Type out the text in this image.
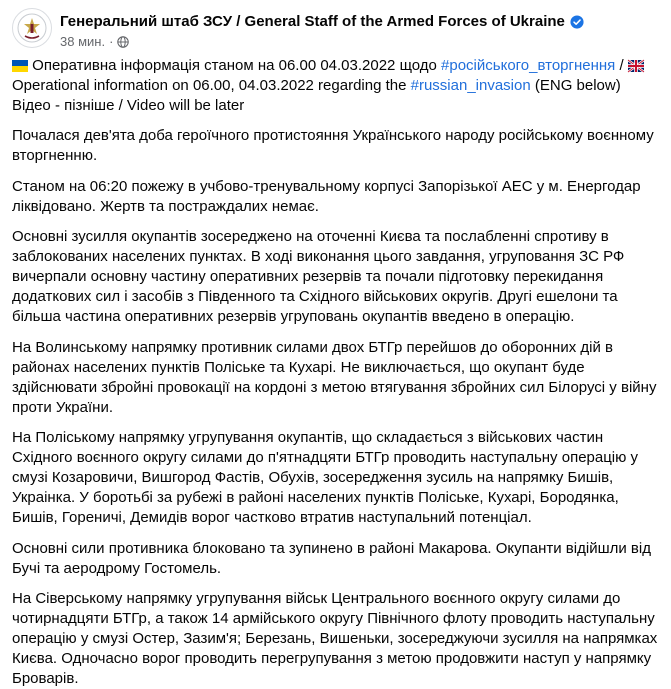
Генеральний штаб ЗСУ / General Staff of the Armed Forces of Ukraine
38 мин. ·

Оперативна інформація станом на 06.00 04.03.2022 щодо #російського_вторгнення /
Operational information on 06.00, 04.03.2022 regarding the #russian_invasion (ENG below)
Відео - пізніше / Video will be later

Почалася дев'ята доба героїчного протистояння Українського народу російському воєнному вторгненню.

Станом на 06:20 пожежу в учбово-тренувальному корпусі Запорізької АЕС у м. Енергодар ліквідовано. Жертв та постраждалих немає.

Основні зусилля окупантів зосереджено на оточенні Києва та послабленні спротиву в заблокованих населених пунктах. В ході виконання цього завдання, угруповання ЗС РФ вичерпали основну частину оперативних резервів та почали підготовку перекидання додаткових сил і засобів з Південного та Східного військових округів. Другі ешелони та більша частина оперативних резервів угруповань окупантів введено в операцію.

На Волинському напрямку противник силами двох БТГр перейшов до оборонних дій в районах населених пунктів Поліське та Кухарі. Не виключається, що окупант буде здійснювати збройні провокації на кордоні з метою втягування збройних сил Білорусі у війну проти України.

На Поліському напрямку угрупування окупантів, що складається з військових частин Східного воєнного округу силами до п'ятнадцяти БТГр проводить наступальну операцію у смузі Козаровичи, Вишгород Фастів, Обухів, зосередження зусиль на напрямку Бишів, Украінка. У боротьбі за рубежі в районі населених пунктів Поліське, Кухарі, Бородянка, Бишів, Гореничі, Демидів ворог частково втратив наступальний потенціал.

Основні сили противника блоковано та зупинено в районі Макарова. Окупанти відійшли від Бучі та аеродрому Гостомель.

На Сіверському напрямку угрупування військ Центрального воєнного округу силами до чотирнадцяти БТГр, а також 14 армійського округу Північного флоту проводить наступальну операцію у смузі Остер, Зазим'я; Березань, Вишеньки, зосереджуючи зусилля на напрямках Києва. Одночасно ворог проводить перегрупування з метою продовжити наступ у напрямку Броварів.
